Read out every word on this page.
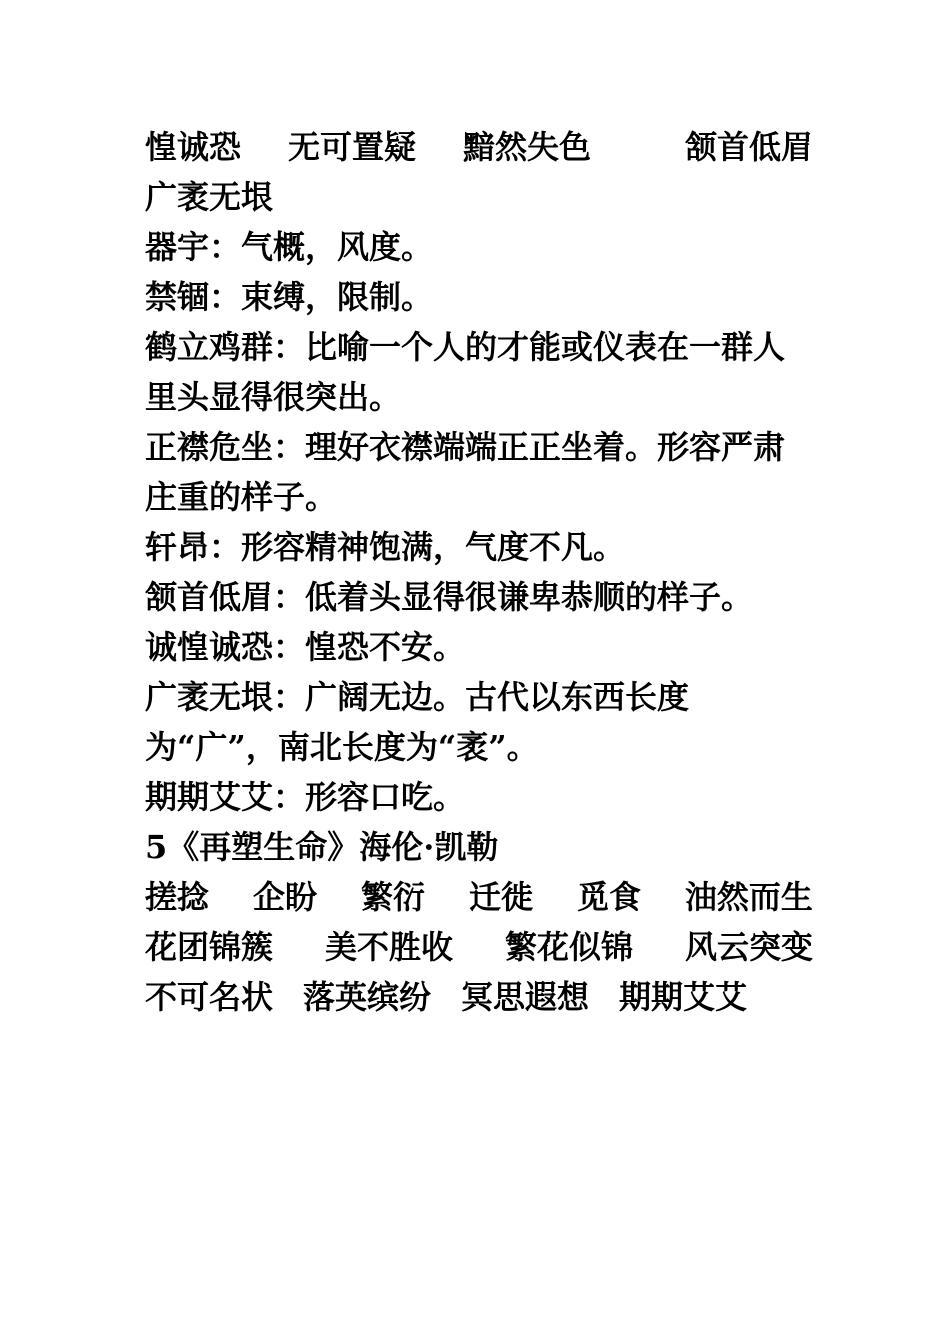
惶诚恐 无可置疑 黯然失色	颔首低眉
广袤无垠
器宇：气概，风度。
禁锢：束缚，限制。
鹤立鸡群：比喻一个人的才能或仪表在一群人里头显得很突出。
正襟危坐：理好衣襟端端正正坐着。形容严肃庄重的样子。
轩昂：形容精神饱满，气度不凡。
颔首低眉：低着头显得很谦卑恭顺的样子。
诚惶诚恐：惶恐不安。
广袤无垠：广阔无边。古代以东西长度为“广”，南北长度为“袤”。
期期艾艾：形容口吃。
5《再塑生命》海伦·凯勒
搓捻 企盼 繁衍 迁徙 觅食 油然而生
花团锦簇 美不胜收 繁花似锦 风云突变
不可名状 落英缤纷 冥思遐想 期期艾艾
